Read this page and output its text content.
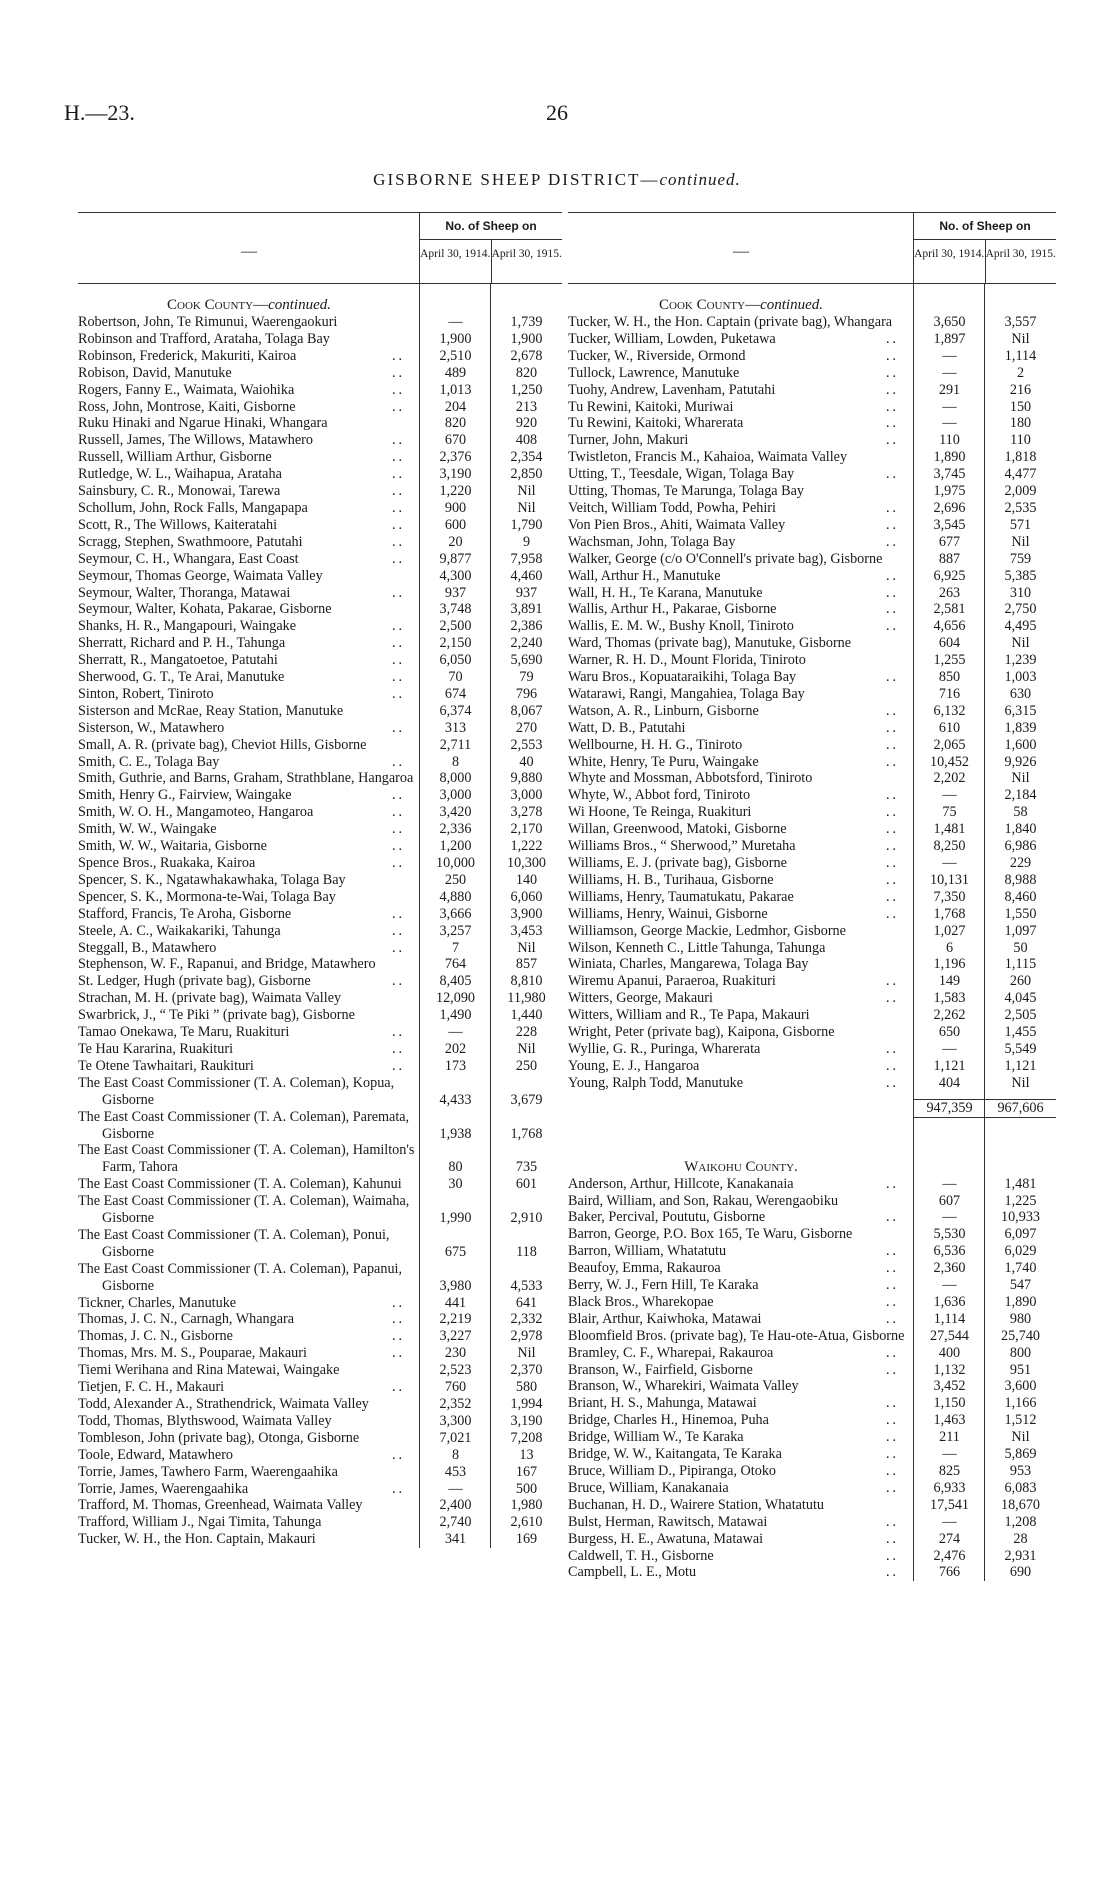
H.—23.	26
GISBORNE SHEEP DISTRICT—continued.
—
No. of Sheep on
April 30, 1914. April 30, 1915.
Cook County—continued.
Robertson, John, Te Rimunui, Waerengaokuri	—	1,739
Robinson and Trafford, Arataha, Tolaga Bay	1,900	1,900
Robinson, Frederick, Makuriti, Kairoa	..	2,510	2,678
Robison, David, Manutuke	..	489	820
Rogers, Fanny E., Waimata, Waiohika	..	1,013	1,250
Ross, John, Montrose, Kaiti, Gisborne	..	204	213
Ruku Hinaki and Ngarue Hinaki, Whangara	820	920
Russell, James, The Willows, Matawhero	..	670	408
Russell, William Arthur, Gisborne	..	2,376	2,354
Rutledge, W. L., Waihapua, Arataha	..	3,190	2,850
Sainsbury, C. R., Monowai, Tarewa	..	1,220	Nil
Schollum, John, Rock Falls, Mangapapa	..	900	Nil
Scott, R., The Willows, Kaiteratahi	..	600	1,790
Scragg, Stephen, Swathmoore, Patutahi	..	20	9
Seymour, C. H., Whangara, East Coast	..	9,877	7,958
Seymour, Thomas George, Waimata Valley	4,300	4,460
Seymour, Walter, Thoranga, Matawai	..	937	937
Seymour, Walter, Kohata, Pakarae, Gisborne	3,748	3,891
Shanks, H. R., Mangapouri, Waingake	..	2,500	2,386
Sherratt, Richard and P. H., Tahunga	..	2,150	2,240
Sherratt, R., Mangatoetoe, Patutahi	..	6,050	5,690
Sherwood, G. T., Te Arai, Manutuke	..	70	79
Sinton, Robert, Tiniroto	..	674	796
Sisterson and McRae, Reay Station, Manutuke	6,374	8,067
Sisterson, W., Matawhero	..	313	270
Small, A. R. (private bag), Cheviot Hills, Gisborne	2,711	2,553
Smith, C. E., Tolaga Bay	..	8	40
Smith, Guthrie, and Barns, Graham, Strathblane, Hangaroa	8,000	9,880
Smith, Henry G., Fairview, Waingake	..	3,000	3,000
Smith, W. O. H., Mangamoteo, Hangaroa	..	3,420	3,278
Smith, W. W., Waingake	..	2,336	2,170
Smith, W. W., Waitaria, Gisborne	..	1,200	1,222
Spence Bros., Ruakaka, Kairoa	..	10,000	10,300
Spencer, S. K., Ngatawhakawhaka, Tolaga Bay	250	140
Spencer, S. K., Mormona-te-Wai, Tolaga Bay	4,880	6,060
Stafford, Francis, Te Aroha, Gisborne	..	3,666	3,900
Steele, A. C., Waikakariki, Tahunga	..	3,257	3,453
Steggall, B., Matawhero	..	7	Nil
Stephenson, W. F., Rapanui, and Bridge, Matawhero	764	857
St. Ledger, Hugh (private bag), Gisborne	..	8,405	8,810
Strachan, M. H. (private bag), Waimata Valley	12,090	11,980
Swarbrick, J., “ Te Piki ” (private bag), Gisborne	1,490	1,440
Tamao Onekawa, Te Maru, Ruakituri	..	—	228
Te Hau Kararina, Ruakituri	..	202	Nil
Te Otene Tawhaitari, Raukituri	..	173	250
The East Coast Commissioner (T. A. Coleman), Kopua, Gisborne	4,433	3,679
The East Coast Commissioner (T. A. Coleman), Paremata, Gisborne	1,938	1,768
The East Coast Commissioner (T. A. Coleman), Hamilton's Farm, Tahora	80	735
The East Coast Commissioner (T. A. Coleman), Kahunui	30	601
The East Coast Commissioner (T. A. Coleman), Waimaha, Gisborne	1,990	2,910
The East Coast Commissioner (T. A. Coleman), Ponui, Gisborne	675	118
The East Coast Commissioner (T. A. Coleman), Papanui, Gisborne	3,980	4,533
Tickner, Charles, Manutuke	..	441	641
Thomas, J. C. N., Carnagh, Whangara	..	2,219	2,332
Thomas, J. C. N., Gisborne	..	3,227	2,978
Thomas, Mrs. M. S., Pouparae, Makauri	..	230	Nil
Tiemi Werihana and Rina Matewai, Waingake	2,523	2,370
Tietjen, F. C. H., Makauri	..	760	580
Todd, Alexander A., Strathendrick, Waimata Valley	2,352	1,994
Todd, Thomas, Blythswood, Waimata Valley	3,300	3,190
Tombleson, John (private bag), Otonga, Gisborne	7,021	7,208
Toole, Edward, Matawhero	..	8	13
Torrie, James, Tawhero Farm, Waerengaahika	453	167
Torrie, James, Waerengaahika	..	—	500
Trafford, M. Thomas, Greenhead, Waimata Valley	2,400	1,980
Trafford, William J., Ngai Timita, Tahunga	2,740	2,610
Tucker, W. H., the Hon. Captain, Makauri	341	169
—
No. of Sheep on
April 30, 1914. April 30, 1915.
Cook County—continued.
Tucker, W. H., the Hon. Captain (private bag), Whangara	3,650	3,557
Tucker, William, Lowden, Puketawa	..	1,897	Nil
Tucker, W., Riverside, Ormond	..	—	1,114
Tullock, Lawrence, Manutuke	..	—	2
Tuohy, Andrew, Lavenham, Patutahi	..	291	216
Tu Rewini, Kaitoki, Muriwai	..	—	150
Tu Rewini, Kaitoki, Wharerata	..	—	180
Turner, John, Makuri	..	110	110
Twistleton, Francis M., Kahaioa, Waimata Valley	1,890	1,818
Utting, T., Teesdale, Wigan, Tolaga Bay	..	3,745	4,477
Utting, Thomas, Te Marunga, Tolaga Bay	1,975	2,009
Veitch, William Todd, Powha, Pehiri	..	2,696	2,535
Von Pien Bros., Ahiti, Waimata Valley	..	3,545	571
Wachsman, John, Tolaga Bay	..	677	Nil
Walker, George (c/o O'Connell's private bag), Gisborne	887	759
Wall, Arthur H., Manutuke	..	6,925	5,385
Wall, H. H., Te Karana, Manutuke	..	263	310
Wallis, Arthur H., Pakarae, Gisborne	..	2,581	2,750
Wallis, E. M. W., Bushy Knoll, Tiniroto	..	4,656	4,495
Ward, Thomas (private bag), Manutuke, Gisborne	604	Nil
Warner, R. H. D., Mount Florida, Tiniroto	1,255	1,239
Waru Bros., Kopuataraikihi, Tolaga Bay	..	850	1,003
Watarawi, Rangi, Mangahiea, Tolaga Bay	716	630
Watson, A. R., Linburn, Gisborne	..	6,132	6,315
Watt, D. B., Patutahi	..	610	1,839
Wellbourne, H. H. G., Tiniroto	..	2,065	1,600
White, Henry, Te Puru, Waingake	..	10,452	9,926
Whyte and Mossman, Abbotsford, Tiniroto	2,202	Nil
Whyte, W., Abbot ford, Tiniroto	..	—	2,184
Wi Hoone, Te Reinga, Ruakituri	..	75	58
Willan, Greenwood, Matoki, Gisborne	..	1,481	1,840
Williams Bros., “ Sherwood,” Muretaha	..	8,250	6,986
Williams, E. J. (private bag), Gisborne	..	—	229
Williams, H. B., Turihaua, Gisborne	..	10,131	8,988
Williams, Henry, Taumatukatu, Pakarae	..	7,350	8,460
Williams, Henry, Wainui, Gisborne	..	1,768	1,550
Williamson, George Mackie, Ledmhor, Gisborne	1,027	1,097
Wilson, Kenneth C., Little Tahunga, Tahunga	6	50
Winiata, Charles, Mangarewa, Tolaga Bay	1,196	1,115
Wiremu Apanui, Paraeroa, Ruakituri	..	149	260
Witters, George, Makauri	..	1,583	4,045
Witters, William and R., Te Papa, Makauri	2,262	2,505
Wright, Peter (private bag), Kaipona, Gisborne	650	1,455
Wyllie, G. R., Puringa, Wharerata	..	—	5,549
Young, E. J., Hangaroa	..	1,121	1,121
Young, Ralph Todd, Manutuke	..	404	Nil
947,359	967,606
Waikohu County.
Anderson, Arthur, Hillcote, Kanakanaia	..	—	1,481
Baird, William, and Son, Rakau, Werengaobiku	607	1,225
Baker, Percival, Poututu, Gisborne	..	—	10,933
Barron, George, P.O. Box 165, Te Waru, Gisborne	5,530	6,097
Barron, William, Whatatutu	..	6,536	6,029
Beaufoy, Emma, Rakauroa	..	2,360	1,740
Berry, W. J., Fern Hill, Te Karaka	..	—	547
Black Bros., Wharekopae	..	1,636	1,890
Blair, Arthur, Kaiwhoka, Matawai	..	1,114	980
Bloomfield Bros. (private bag), Te Hau-ote-Atua, Gisborne	27,544	25,740
Bramley, C. F., Wharepai, Rakauroa	..	400	800
Branson, W., Fairfield, Gisborne	..	1,132	951
Branson, W., Wharekiri, Waimata Valley	3,452	3,600
Briant, H. S., Mahunga, Matawai	..	1,150	1,166
Bridge, Charles H., Hinemoa, Puha	..	1,463	1,512
Bridge, William W., Te Karaka	..	211	Nil
Bridge, W. W., Kaitangata, Te Karaka	..	—	5,869
Bruce, William D., Pipiranga, Otoko	..	825	953
Bruce, William, Kanakanaia	..	6,933	6,083
Buchanan, H. D., Wairere Station, Whatatutu	17,541	18,670
Bulst, Herman, Rawitsch, Matawai	..	—	1,208
Burgess, H. E., Awatuna, Matawai	..	274	28
Caldwell, T. H., Gisborne	..	2,476	2,931
Campbell, L. E., Motu	..	766	690
